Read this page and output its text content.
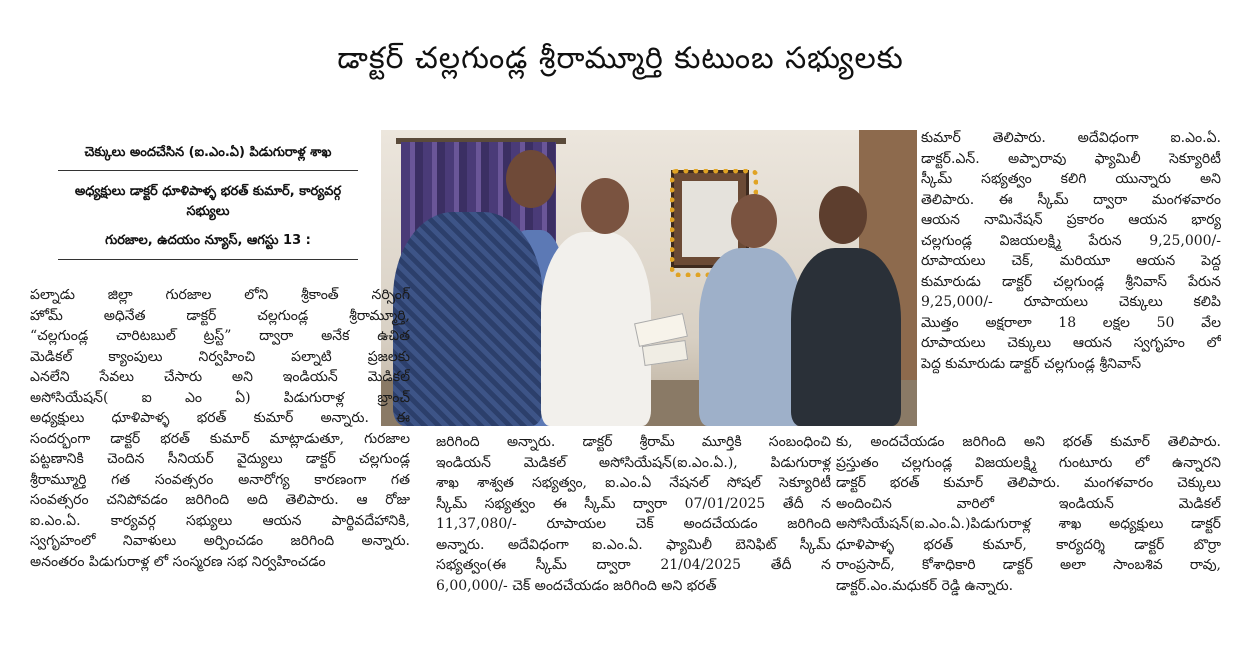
డాక్టర్ చల్లగుండ్ల శ్రీరామ్మూర్తి కుటుంబ సభ్యులకు
చెక్కులు అందచేసిన (ఐ.ఎం.ఏ) పిడుగురాళ్ల శాఖ
అధ్యక్షులు డాక్టర్ ధూళిపాళ్ళ భరత్ కుమార్, కార్యవర్గ
సభ్యులు
గురజాల, ఉదయం న్యూస్, ఆగస్టు 13 :
పల్నాడు జిల్లా గురజాల లోని శ్రీకాంత్ నర్సింగ్
హోమ్ అధినేత డాక్టర్ చల్లగుండ్ల శ్రీరామ్మూర్తి,
“చల్లగుండ్ల చారిటబుల్ ట్రస్ట్” ద్వారా అనేక ఉచిత
మెడికల్ క్యాంపులు నిర్వహించి పల్నాటి ప్రజలకు
ఎనలేని సేవలు చేసారు అని ఇండియన్ మెడికల్
అసోసియేషన్( ఐ ఎం ఏ) పిడుగురాళ్ల బ్రాంచ్
అధ్యక్షులు ధూళిపాళ్ళ భరత్ కుమార్ అన్నారు. ఈ
సందర్భంగా డాక్టర్ భరత్ కుమార్ మాట్లాడుతూ, గురజాల
పట్టణానికి చెందిన సీనియర్ వైద్యులు డాక్టర్ చల్లగుండ్ల
శ్రీరామ్మూర్తి గత సంవత్సరం అనారోగ్య కారణంగా గత
సంవత్సరం చనిపోవడం జరిగింది అది తెలిపారు. ఆ రోజు
ఐ.ఎం.ఏ. కార్యవర్గ సభ్యులు ఆయన పార్థివదేహానికి,
స్వగృహంలో నివాళులు అర్పించడం జరిగింది అన్నారు.
అనంతరం పిడుగురాళ్ల లో సంస్మరణ సభ నిర్వహించడం
జరిగింది అన్నారు. డాక్టర్ శ్రీరామ్ మూర్తికి సంబంధించి
ఇండియన్ మెడికల్ అసోసియేషన్(ఐ.ఎం.ఏ.), పిడుగురాళ్ల
శాఖ శాశ్వత సభ్యత్వం, ఐ.ఎం.ఏ నేషనల్ సోషల్ సెక్యూరిటీ
స్కీమ్ సభ్యత్వం ఈ స్కీమ్ ద్వారా 07/01/2025 తేదీ న
11,37,080/- రూపాయల చెక్ అందచేయడం జరిగింది
అన్నారు. అదేవిధంగా ఐ.ఎం.ఏ. ఫ్యామిలీ బెనిఫిట్ స్కీమ్
సభ్యత్వం(ఈ స్కీమ్ ద్వారా 21/04/2025 తేదీ న
6,00,000/- చెక్ అందచేయడం జరిగింది అని భరత్
కుమార్ తెలిపారు. అదేవిధంగా ఐ.ఎం.ఏ.
డాక్టర్.ఎన్. అప్పారావు ఫ్యామిలీ సెక్యూరిటీ
స్కీమ్ సభ్యత్వం కలిగి యున్నారు అని
తెలిపారు. ఈ స్కీమ్ ద్వారా మంగళవారం
ఆయన నామినేషన్ ప్రకారం ఆయన భార్య
చల్లగుండ్ల విజయలక్ష్మి పేరున 9,25,000/-
రూపాయలు చెక్, మరియూ ఆయన పెద్ద
కుమారుడు డాక్టర్ చల్లగుండ్ల శ్రీనివాస్ పేరున
9,25,000/- రూపాయలు చెక్కులు కలిపి
మొత్తం అక్షరాలా 18 లక్షల 50 వేల
రూపాయలు చెక్కులు ఆయన స్వగృహం లో
పెద్ద కుమారుడు డాక్టర్ చల్లగుండ్ల శ్రీనివాస్
కు, అందచేయడం జరిగింది అని భరత్ కుమార్ తెలిపారు.
ప్రస్తుతం చల్లగుండ్ల విజయలక్ష్మి గుంటూరు లో ఉన్నారని
డాక్టర్ భరత్ కుమార్ తెలిపారు. మంగళవారం చెక్కులు
అందించిన వారిలో ఇండియన్ మెడికల్
అసోసియేషన్(ఐ.ఎం.ఏ.)పిడుగురాళ్ల శాఖ అధ్యక్షులు డాక్టర్
ధూళిపాళ్ళ భరత్ కుమార్, కార్యదర్శి డాక్టర్ బొర్రా
రాంప్రసాద్, కోశాధికారి డాక్టర్ అలా సాంబశివ రావు,
డాక్టర్.ఎం.మధుకర్ రెడ్డి ఉన్నారు.
